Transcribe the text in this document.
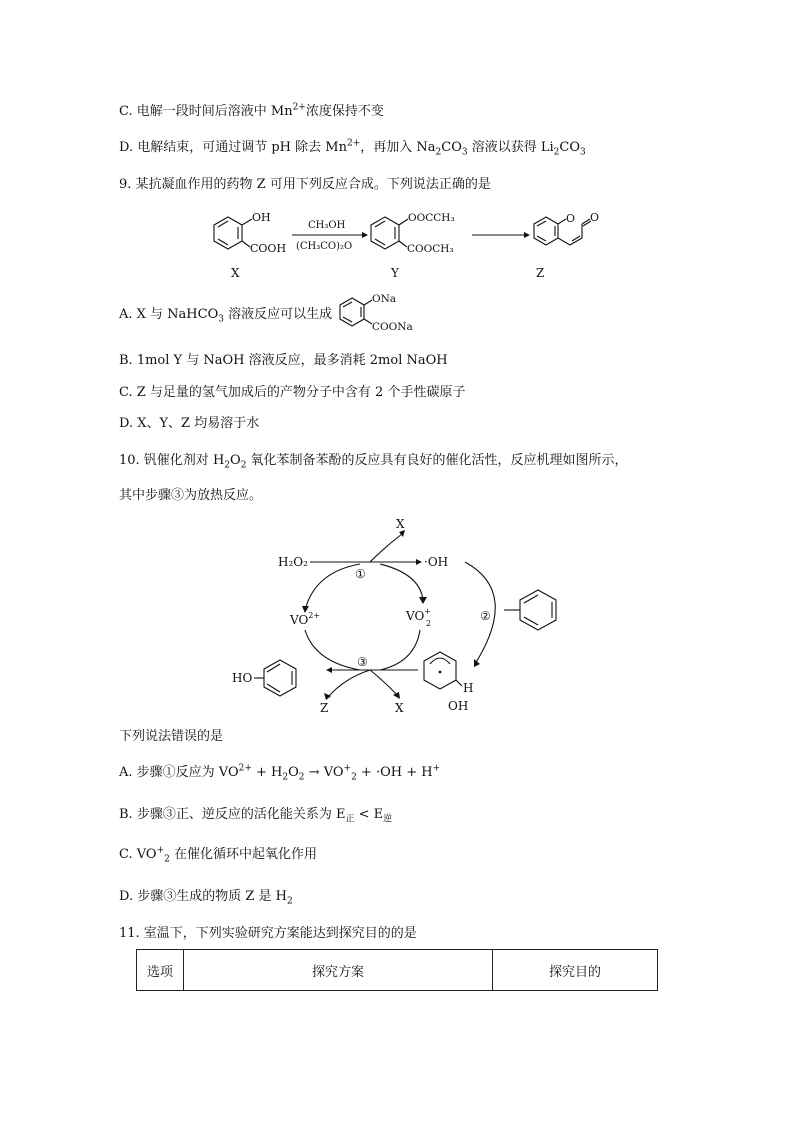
C. 电解一段时间后溶液中 $Mn^{2+}$浓度保持不变
D. 电解结束，可通过调节 pH 除去 $Mn^{2+}$，再加入 $Na_2CO_3$ 溶液以获得 $Li_2CO_3$
9. 某抗凝血作用的药物 Z 可用下列反应合成。下列说法正确的是
OH
COOH
X
CH₃OH
(CH₃CO)₂O
OOCCH₃
COOCH₃
Y
O O
Z
A. X 与 NaHCO$_3$ 溶液反应可以生成
ONa
COONa
B. 1mol Y 与 NaOH 溶液反应，最多消耗 2mol NaOH
C. Z 与足量的氢气加成后的产物分子中含有 2 个手性碳原子
D. X、Y、Z 均易溶于水
10. 钒催化剂对 $H_2O_2$ 氧化苯制备苯酚的反应具有良好的催化活性，反应机理如图所示，
其中步骤③为放热反应。
H₂O₂
X
·OH
①
②
③
$VO^{2+}$	VO+ 2
HO
Z	X
H
OH
下列说法错误的是
A. 步骤①反应为 $VO^{2+} + H_2O_2 \to VO^+_2 + \cdot OH + H^+$
B. 步骤③正、逆反应的活化能关系为 $E_正 < E_逆$
C. $VO^+_2$ 在催化循环中起氧化作用
D. 步骤③生成的物质 Z 是 $H_2$
11. 室温下，下列实验研究方案能达到探究目的的是
选项	探究方案	探究目的
